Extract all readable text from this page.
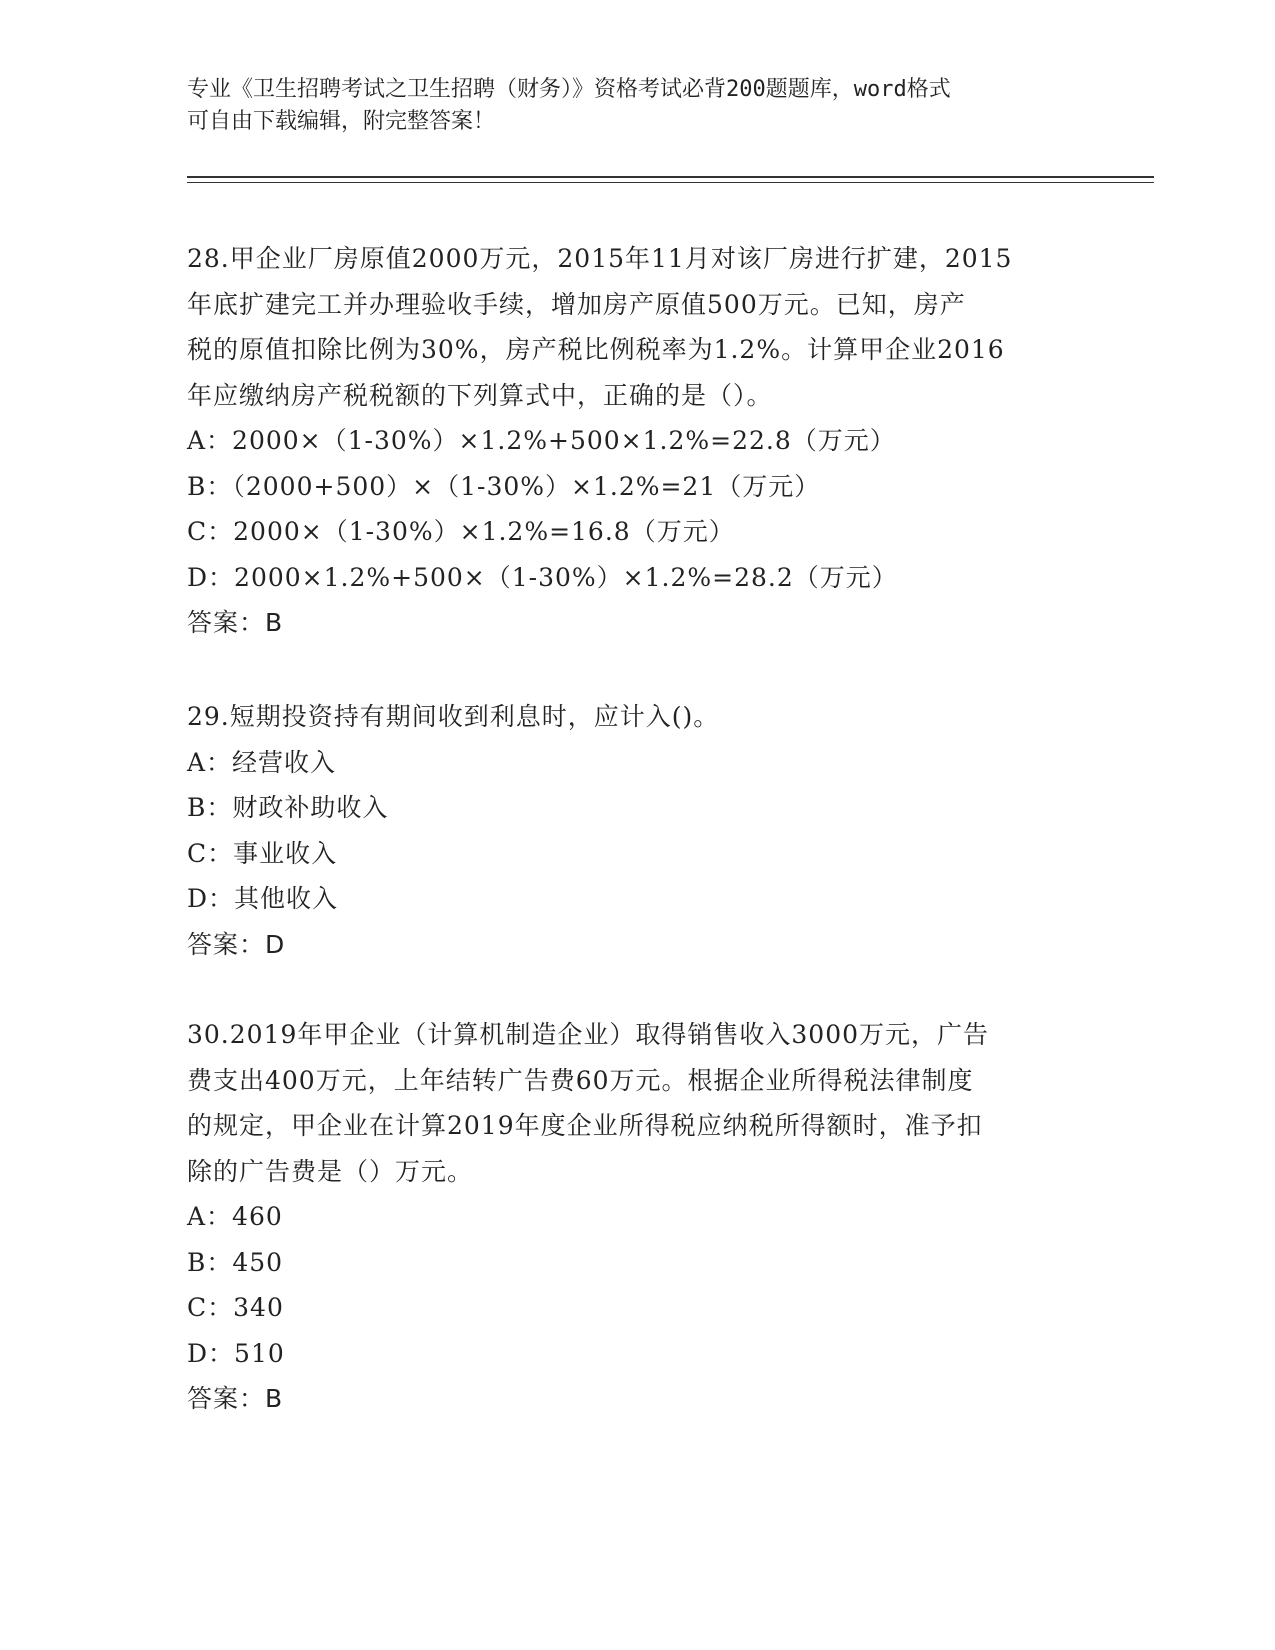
专业《卫生招聘考试之卫生招聘（财务）》资格考试必背200题题库，word格式
可自由下载编辑，附完整答案！
28.甲企业厂房原值2000万元，2015年11月对该厂房进行扩建，2015
年底扩建完工并办理验收手续，增加房产原值500万元。已知，房产
税的原值扣除比例为30%，房产税比例税率为1.2%。计算甲企业2016
年应缴纳房产税税额的下列算式中，正确的是（）。
A：2000×（1-30%）×1.2%+500×1.2%=22.8（万元）
B：（2000+500）×（1-30%）×1.2%=21（万元）
C：2000×（1-30%）×1.2%=16.8（万元）
D：2000×1.2%+500×（1-30%）×1.2%=28.2（万元）
答案：B
29.短期投资持有期间收到利息时，应计入()。
A：经营收入
B：财政补助收入
C：事业收入
D：其他收入
答案：D
30.2019年甲企业（计算机制造企业）取得销售收入3000万元，广告
费支出400万元，上年结转广告费60万元。根据企业所得税法律制度
的规定，甲企业在计算2019年度企业所得税应纳税所得额时，准予扣
除的广告费是（）万元。
A：460
B：450
C：340
D：510
答案：B
